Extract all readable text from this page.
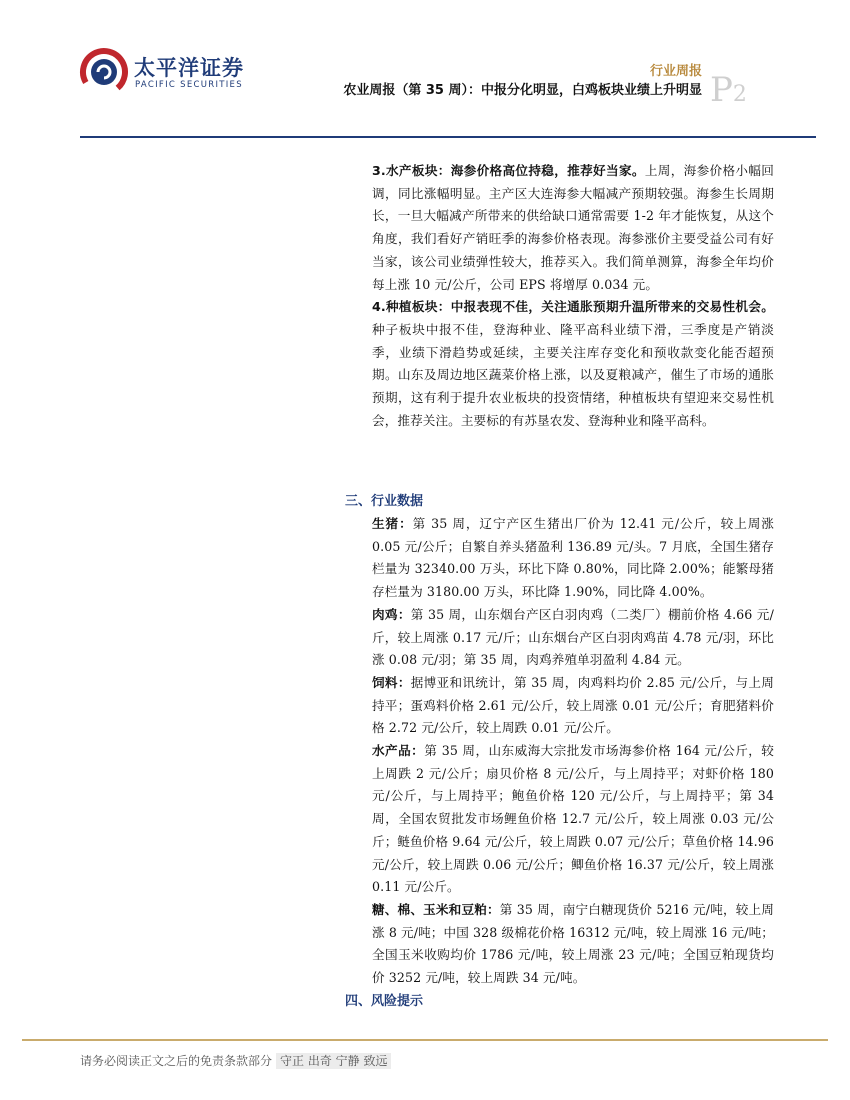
太平洋证券
PACIFIC SECURITIES
行业周报
农业周报（第 35 周）：中报分化明显，白鸡板块业绩上升明显 P2

3.水产板块：海参价格高位持稳，推荐好当家。上周，海参价格小幅回调，同比涨幅明显。主产区大连海参大幅减产预期较强。海参生长周期长，一旦大幅减产所带来的供给缺口通常需要 1-2 年才能恢复，从这个角度，我们看好产销旺季的海参价格表现。海参涨价主要受益公司有好当家，该公司业绩弹性较大，推荐买入。我们简单测算，海参全年均价每上涨 10 元/公斤，公司 EPS 将增厚 0.034 元。

4.种植板块：中报表现不佳，关注通胀预期升温所带来的交易性机会。种子板块中报不佳，登海种业、隆平高科业绩下滑，三季度是产销淡季，业绩下滑趋势或延续，主要关注库存变化和预收款变化能否超预期。山东及周边地区蔬菜价格上涨，以及夏粮减产，催生了市场的通胀预期，这有利于提升农业板块的投资情绪，种植板块有望迎来交易性机会，推荐关注。主要标的有苏垦农发、登海种业和隆平高科。

三、行业数据

生猪：第 35 周，辽宁产区生猪出厂价为 12.41 元/公斤，较上周涨 0.05 元/公斤；自繁自养头猪盈利 136.89 元/头。7 月底，全国生猪存栏量为 32340.00 万头，环比下降 0.80%，同比降 2.00%；能繁母猪存栏量为 3180.00 万头，环比降 1.90%，同比降 4.00%。

肉鸡：第 35 周，山东烟台产区白羽肉鸡（二类厂）棚前价格 4.66 元/斤，较上周涨 0.17 元/斤；山东烟台产区白羽肉鸡苗 4.78 元/羽，环比涨 0.08 元/羽；第 35 周，肉鸡养殖单羽盈利 4.84 元。

饲料：据博亚和讯统计，第 35 周，肉鸡料均价 2.85 元/公斤，与上周持平；蛋鸡料价格 2.61 元/公斤，较上周涨 0.01 元/公斤；育肥猪料价格 2.72 元/公斤，较上周跌 0.01 元/公斤。

水产品：第 35 周，山东威海大宗批发市场海参价格 164 元/公斤，较上周跌 2 元/公斤；扇贝价格 8 元/公斤，与上周持平；对虾价格 180 元/公斤，与上周持平；鲍鱼价格 120 元/公斤，与上周持平；第 34 周，全国农贸批发市场鲤鱼价格 12.7 元/公斤，较上周涨 0.03 元/公斤；鲢鱼价格 9.64 元/公斤，较上周跌 0.07 元/公斤；草鱼价格 14.96 元/公斤，较上周跌 0.06 元/公斤；鲫鱼价格 16.37 元/公斤，较上周涨 0.11 元/公斤。

糖、棉、玉米和豆粕：第 35 周，南宁白糖现货价 5216 元/吨，较上周涨 8 元/吨；中国 328 级棉花价格 16312 元/吨，较上周涨 16 元/吨；全国玉米收购均价 1786 元/吨，较上周涨 23 元/吨；全国豆粕现货均价 3252 元/吨，较上周跌 34 元/吨。

四、风险提示
请务必阅读正文之后的免责条款部分 守正 出奇 宁静 致远
